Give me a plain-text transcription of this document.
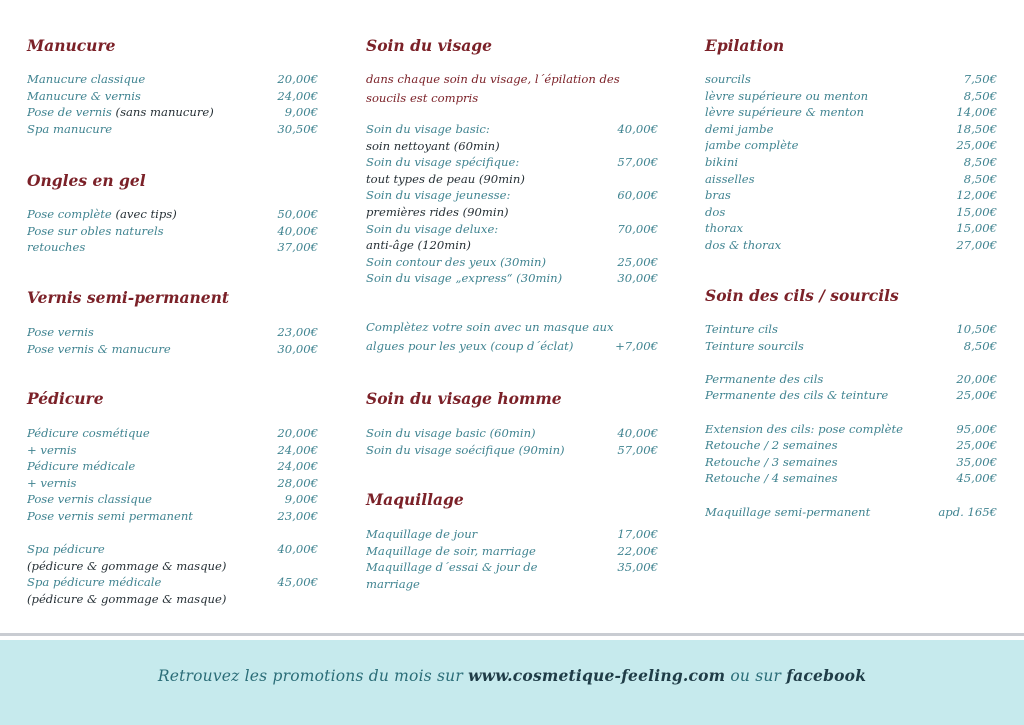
Manucure
Manucure classique	20,00€
Manucure & vernis	24,00€
Pose de vernis (sans manucure)	9,00€
Spa manucure	30,50€
Ongles en gel
Pose complète (avec tips)	50,00€
Pose sur obles naturels	40,00€
retouches	37,00€
Vernis semi-permanent
Pose vernis	23,00€
Pose vernis & manucure	30,00€
Pédicure
Pédicure cosmétique	20,00€
+ vernis	24,00€
Pédicure médicale	24,00€
+ vernis	28,00€
Pose vernis classique	9,00€
Pose vernis semi permanent	23,00€
Spa pédicure	40,00€
(pédicure & gommage & masque)
Spa pédicure médicale	45,00€
(pédicure & gommage & masque)
Soin du visage
dans chaque soin du visage, l´épilation des
soucils est compris
Soin du visage basic:	40,00€
soin nettoyant (60min)
Soin du visage spécifique:	57,00€
tout types de peau (90min)
Soin du visage jeunesse:	60,00€
premières rides (90min)
Soin du visage deluxe:	70,00€
anti-âge (120min)
Soin contour des yeux (30min)	25,00€
Soin du visage „express“ (30min)	30,00€
Complètez votre soin avec un masque aux
algues pour les yeux (coup d´éclat)	+7,00€
Soin du visage homme
Soin du visage basic (60min)	40,00€
Soin du visage soécifique (90min)	57,00€
Maquillage
Maquillage de jour	17,00€
Maquillage de soir, marriage	22,00€
Maquillage d´essai & jour de	35,00€
marriage
Epilation
sourcils	7,50€
lèvre supérieure ou menton	8,50€
lèvre supérieure & menton	14,00€
demi jambe	18,50€
jambe complète	25,00€
bikini	8,50€
aisselles	8,50€
bras	12,00€
dos	15,00€
thorax	15,00€
dos & thorax	27,00€
Soin des cils / sourcils
Teinture cils	10,50€
Teinture sourcils	8,50€
Permanente des cils	20,00€
Permanente des cils & teinture	25,00€
Extension des cils: pose complète	95,00€
Retouche / 2 semaines	25,00€
Retouche / 3 semaines	35,00€
Retouche / 4 semaines	45,00€
Maquillage semi-permanent	apd. 165€
Retrouvez les promotions du mois sur www.cosmetique-feeling.com ou sur facebook
